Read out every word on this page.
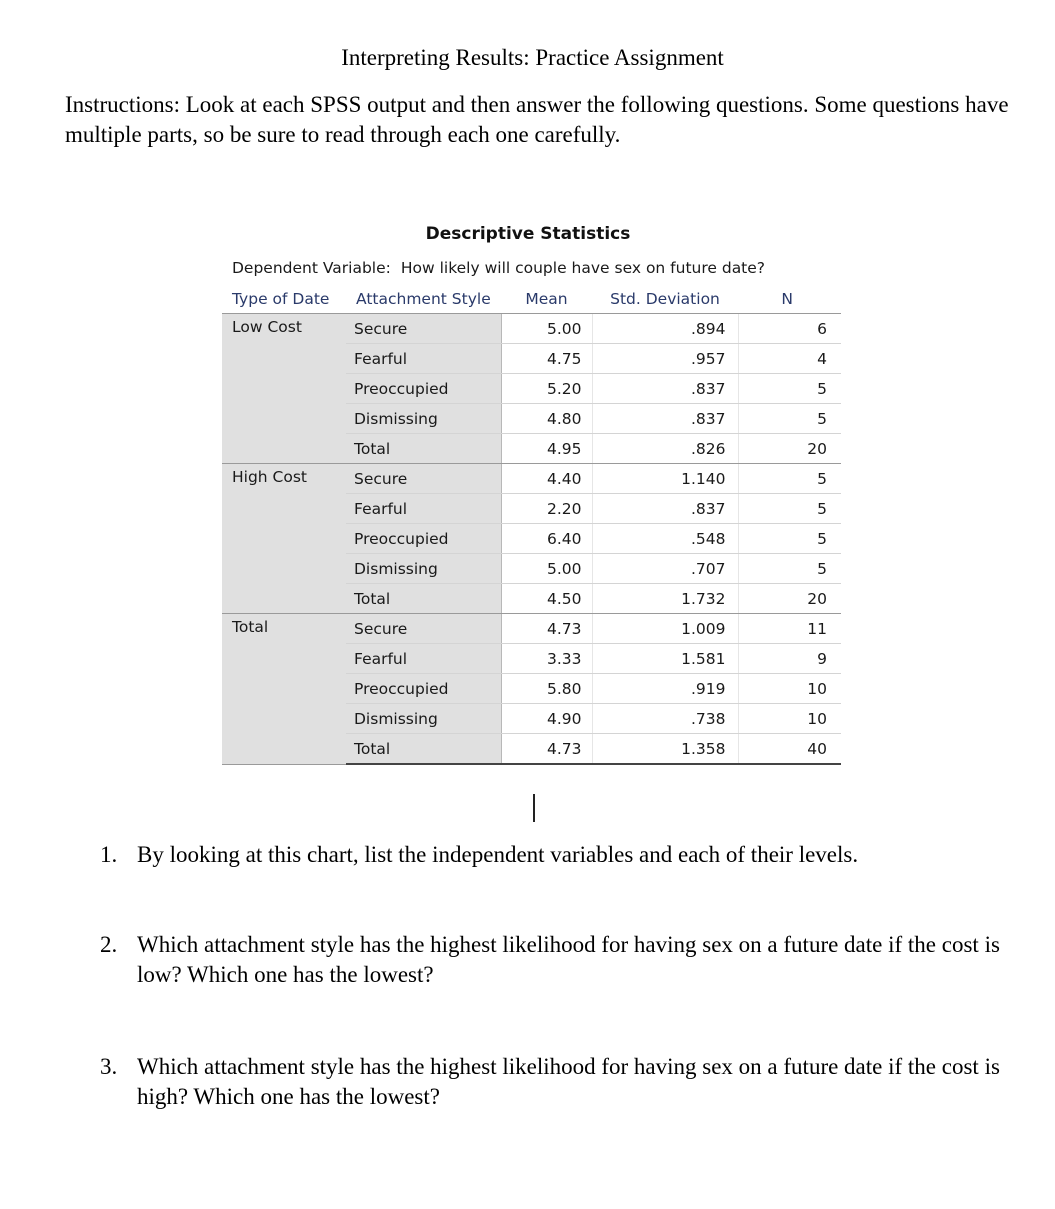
Interpreting Results: Practice Assignment
Instructions: Look at each SPSS output and then answer the following questions. Some questions have multiple parts, so be sure to read through each one carefully.
Descriptive Statistics
Dependent Variable: How likely will couple have sex on future date?
Type of Date	Attachment Style	Mean	Std. Deviation	N
Low Cost	Secure	5.00	.894	6
	Fearful	4.75	.957	4
	Preoccupied	5.20	.837	5
	Dismissing	4.80	.837	5
	Total	4.95	.826	20
High Cost	Secure	4.40	1.140	5
	Fearful	2.20	.837	5
	Preoccupied	6.40	.548	5
	Dismissing	5.00	.707	5
	Total	4.50	1.732	20
Total	Secure	4.73	1.009	11
	Fearful	3.33	1.581	9
	Preoccupied	5.80	.919	10
	Dismissing	4.90	.738	10
	Total	4.73	1.358	40
1. By looking at this chart, list the independent variables and each of their levels.
2. Which attachment style has the highest likelihood for having sex on a future date if the cost is low? Which one has the lowest?
3. Which attachment style has the highest likelihood for having sex on a future date if the cost is high? Which one has the lowest?
